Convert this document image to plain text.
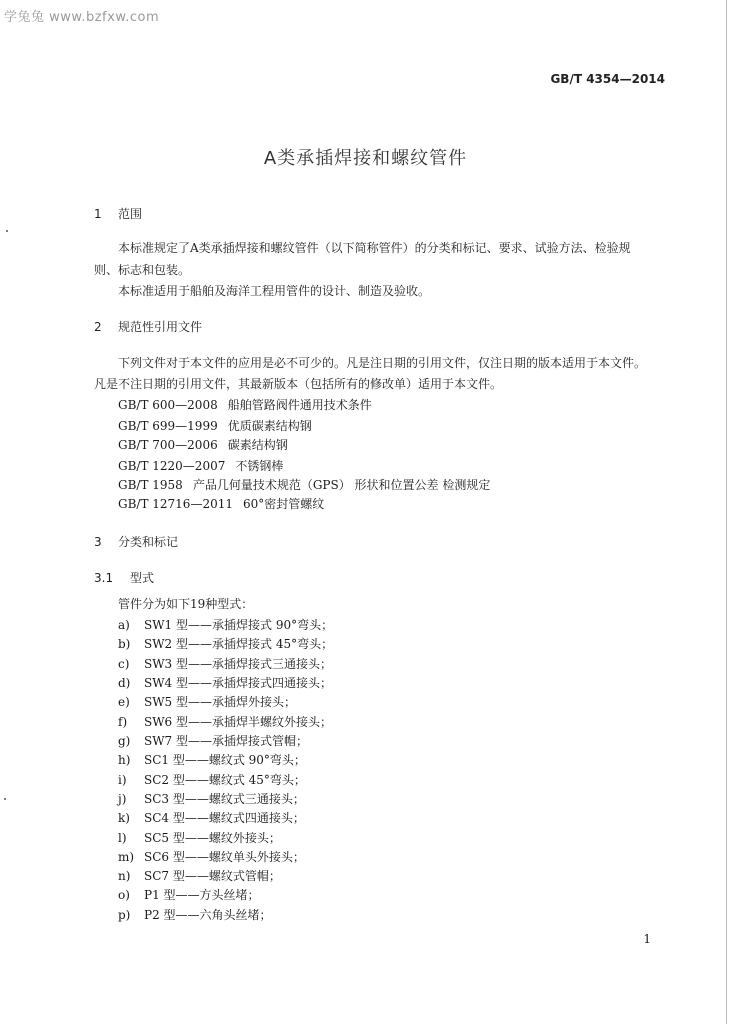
学兔兔 www.bzfxw.com
GB/T 4354—2014
A类承插焊接和螺纹管件
1 范围
本标准规定了A类承插焊接和螺纹管件（以下简称管件）的分类和标记、要求、试验方法、检验规
则、标志和包装。
本标准适用于船舶及海洋工程用管件的设计、制造及验收。
2 规范性引用文件
下列文件对于本文件的应用是必不可少的。凡是注日期的引用文件，仅注日期的版本适用于本文件。
凡是不注日期的引用文件，其最新版本（包括所有的修改单）适用于本文件。
GB/T 600—2008 船舶管路阀件通用技术条件
GB/T 699—1999 优质碳素结构钢
GB/T 700—2006 碳素结构钢
GB/T 1220—2007 不锈钢棒
GB/T 1958 产品几何量技术规范（GPS） 形状和位置公差 检测规定
GB/T 12716—2011 60°密封管螺纹
3 分类和标记
3.1 型式
管件分为如下19种型式：
a) SW1 型——承插焊接式 90°弯头；
b) SW2 型——承插焊接式 45°弯头；
c) SW3 型——承插焊接式三通接头；
d) SW4 型——承插焊接式四通接头；
e) SW5 型——承插焊外接头；
f) SW6 型——承插焊半螺纹外接头；
g) SW7 型——承插焊接式管帽；
h) SC1 型——螺纹式 90°弯头；
i) SC2 型——螺纹式 45°弯头；
j) SC3 型——螺纹式三通接头；
k) SC4 型——螺纹式四通接头；
l) SC5 型——螺纹外接头；
m) SC6 型——螺纹单头外接头；
n) SC7 型——螺纹式管帽；
o) P1 型——方头丝堵；
p) P2 型——六角头丝堵；
1
